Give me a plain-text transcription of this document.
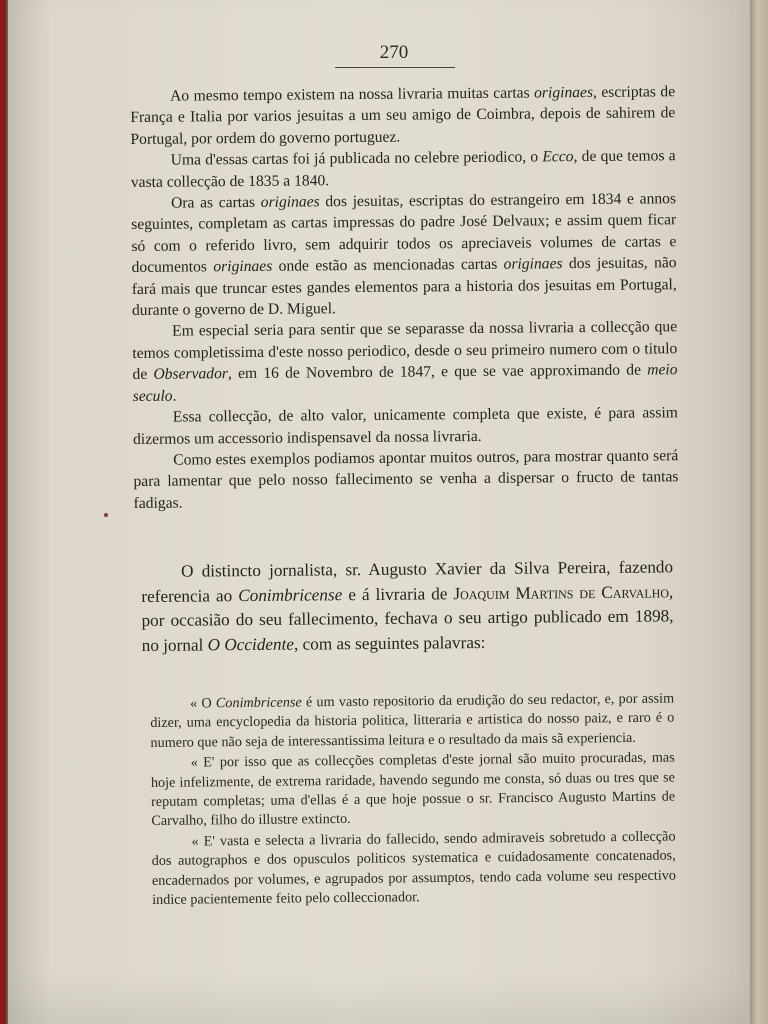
270

Ao mesmo tempo existem na nossa livraria muitas cartas originaes, escriptas de França e Italia por varios jesuitas a um seu amigo de Coimbra, depois de sahirem de Portugal, por ordem do governo portuguez.

Uma d'essas cartas foi já publicada no celebre periodico, o Ecco, de que temos a vasta collecção de 1835 a 1840.

Ora as cartas originaes dos jesuitas, escriptas do estrangeiro em 1834 e annos seguintes, completam as cartas impressas do padre José Delvaux; e assim quem ficar só com o referido livro, sem adquirir todos os apreciaveis volumes de cartas e documentos originaes onde estão as mencionadas cartas originaes dos jesuitas, não fará mais que truncar estes gandes elementos para a historia dos jesuitas em Portugal, durante o governo de D. Miguel.

Em especial seria para sentir que se separasse da nossa livraria a collecção que temos completissima d'este nosso periodico, desde o seu primeiro numero com o titulo de Observador, em 16 de Novembro de 1847, e que se vae approximando de meio seculo.

Essa collecção, de alto valor, unicamente completa que existe, é para assim dizermos um accessorio indispensavel da nossa livraria.

Como estes exemplos podiamos apontar muitos outros, para mostrar quanto será para lamentar que pelo nosso fallecimento se venha a dispersar o fructo de tantas fadigas.

O distincto jornalista, sr. Augusto Xavier da Silva Pereira, fazendo referencia ao Conimbricense e á livraria de Joaquim Martins de Carvalho, por occasião do seu fallecimento, fechava o seu artigo publicado em 1898, no jornal O Occidente, com as seguintes palavras:

« O Conimbricense é um vasto repositorio da erudição do seu redactor, e, por assim dizer, uma encyclopedia da historia politica, litteraria e artistica do nosso paiz, e raro é o numero que não seja de interessantissima leitura e o resultado da mais sã experiencia.

« E' por isso que as collecções completas d'este jornal são muito procuradas, mas hoje infelizmente, de extrema raridade, havendo segundo me consta, só duas ou tres que se reputam completas; uma d'ellas é a que hoje possue o sr. Francisco Augusto Martins de Carvalho, filho do illustre extincto.

« E' vasta e selecta a livraria do fallecido, sendo admiraveis sobretudo a collecção dos autographos e dos opusculos politicos systematica e cuidadosamente concatenados, encadernados por volumes, e agrupados por assumptos, tendo cada volume seu respectivo indice pacientemente feito pelo colleccionador.
